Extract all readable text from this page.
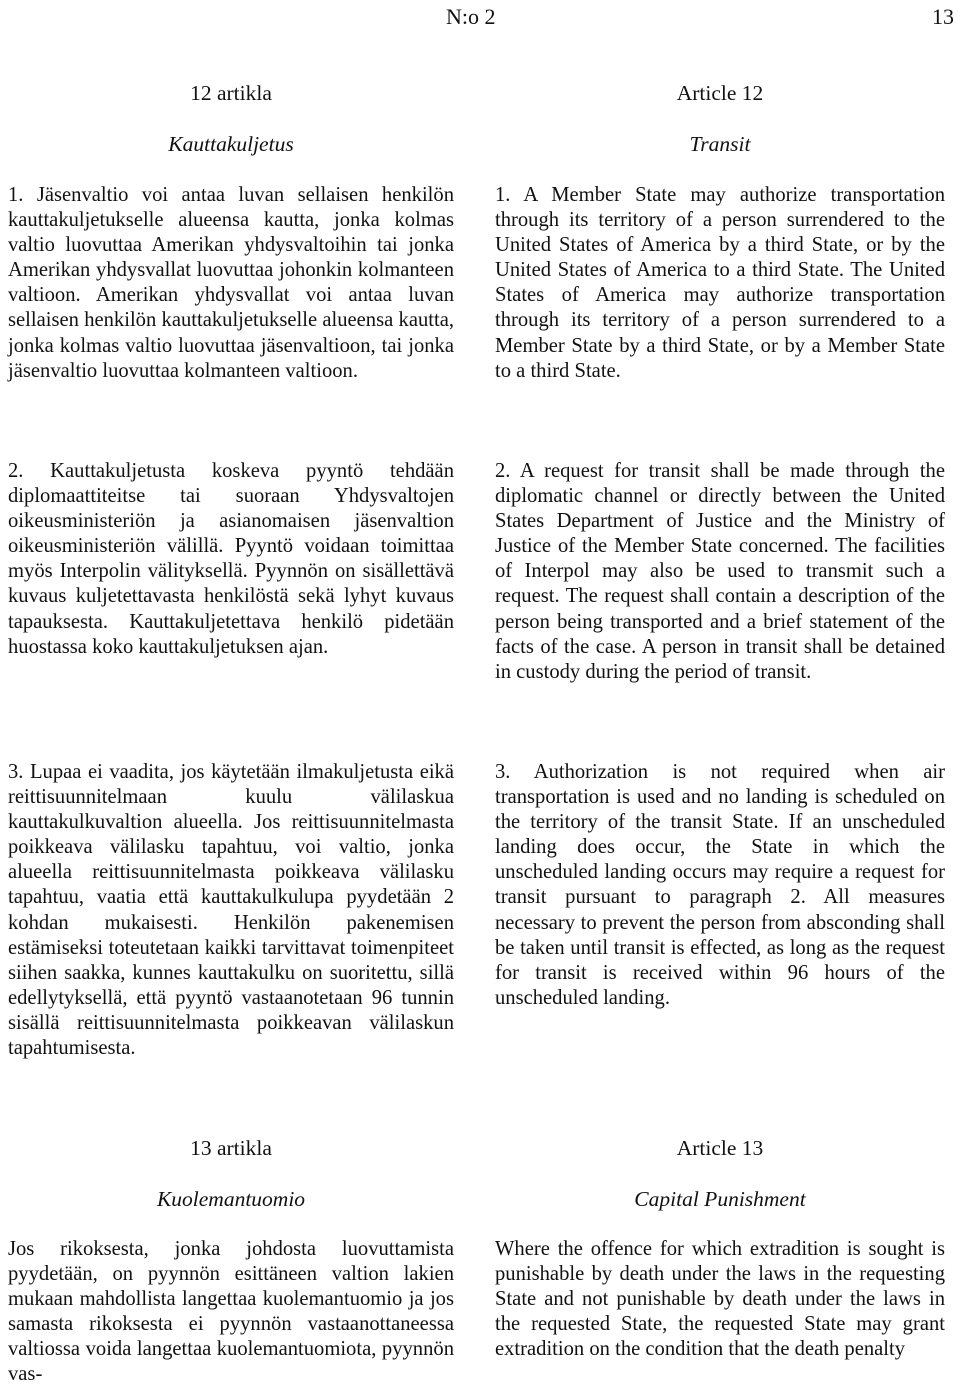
N:o 2	13

12 artikla

Kauttakuljetus

1. Jäsenvaltio voi antaa luvan sellaisen henkilön kauttakuljetukselle alueensa kautta, jonka kolmas valtio luovuttaa Amerikan yhdysvaltoihin tai jonka Amerikan yhdysvallat luovuttaa johonkin kolmanteen valtioon. Amerikan yhdysvallat voi antaa luvan sellaisen henkilön kauttakuljetukselle alueensa kautta, jonka kolmas valtio luovuttaa jäsenvaltioon, tai jonka jäsenvaltio luovuttaa kolmanteen valtioon.

2. Kauttakuljetusta koskeva pyyntö tehdään diplomaattiteitse tai suoraan Yhdysvaltojen oikeusministeriön ja asianomaisen jäsenvaltion oikeusministeriön välillä. Pyyntö voidaan toimittaa myös Interpolin välityksellä. Pyynnön on sisällettävä kuvaus kuljetettavasta henkilöstä sekä lyhyt kuvaus tapauksesta. Kauttakuljetettava henkilö pidetään huostassa koko kauttakuljetuksen ajan.

3. Lupaa ei vaadita, jos käytetään ilmakuljetusta eikä reittisuunnitelmaan kuulu välilaskua kauttakulkuvaltion alueella. Jos reittisuunnitelmasta poikkeava välilasku tapahtuu, voi valtio, jonka alueella reittisuunnitelmasta poikkeava välilasku tapahtuu, vaatia että kauttakulkulupa pyydetään 2 kohdan mukaisesti. Henkilön pakenemisen estämiseksi toteutetaan kaikki tarvittavat toimenpiteet siihen saakka, kunnes kauttakulku on suoritettu, sillä edellytyksellä, että pyyntö vastaanotetaan 96 tunnin sisällä reittisuunnitelmasta poikkeavan välilaskun tapahtumisesta.

13 artikla

Kuolemantuomio

Jos rikoksesta, jonka johdosta luovuttamista pyydetään, on pyynnön esittäneen valtion lakien mukaan mahdollista langettaa kuolemantuomio ja jos samasta rikoksesta ei pyynnön vastaanottaneessa valtiossa voida langettaa kuolemantuomiota, pyynnön vas-

Article 12

Transit

1. A Member State may authorize transportation through its territory of a person surrendered to the United States of America by a third State, or by the United States of America to a third State. The United States of America may authorize transportation through its territory of a person surrendered to a Member State by a third State, or by a Member State to a third State.

2. A request for transit shall be made through the diplomatic channel or directly between the United States Department of Justice and the Ministry of Justice of the Member State concerned. The facilities of Interpol may also be used to transmit such a request. The request shall contain a description of the person being transported and a brief statement of the facts of the case. A person in transit shall be detained in custody during the period of transit.

3. Authorization is not required when air transportation is used and no landing is scheduled on the territory of the transit State. If an unscheduled landing does occur, the State in which the unscheduled landing occurs may require a request for transit pursuant to paragraph 2. All measures necessary to prevent the person from absconding shall be taken until transit is effected, as long as the request for transit is received within 96 hours of the unscheduled landing.

Article 13

Capital Punishment

Where the offence for which extradition is sought is punishable by death under the laws in the requesting State and not punishable by death under the laws in the requested State, the requested State may grant extradition on the condition that the death penalty
